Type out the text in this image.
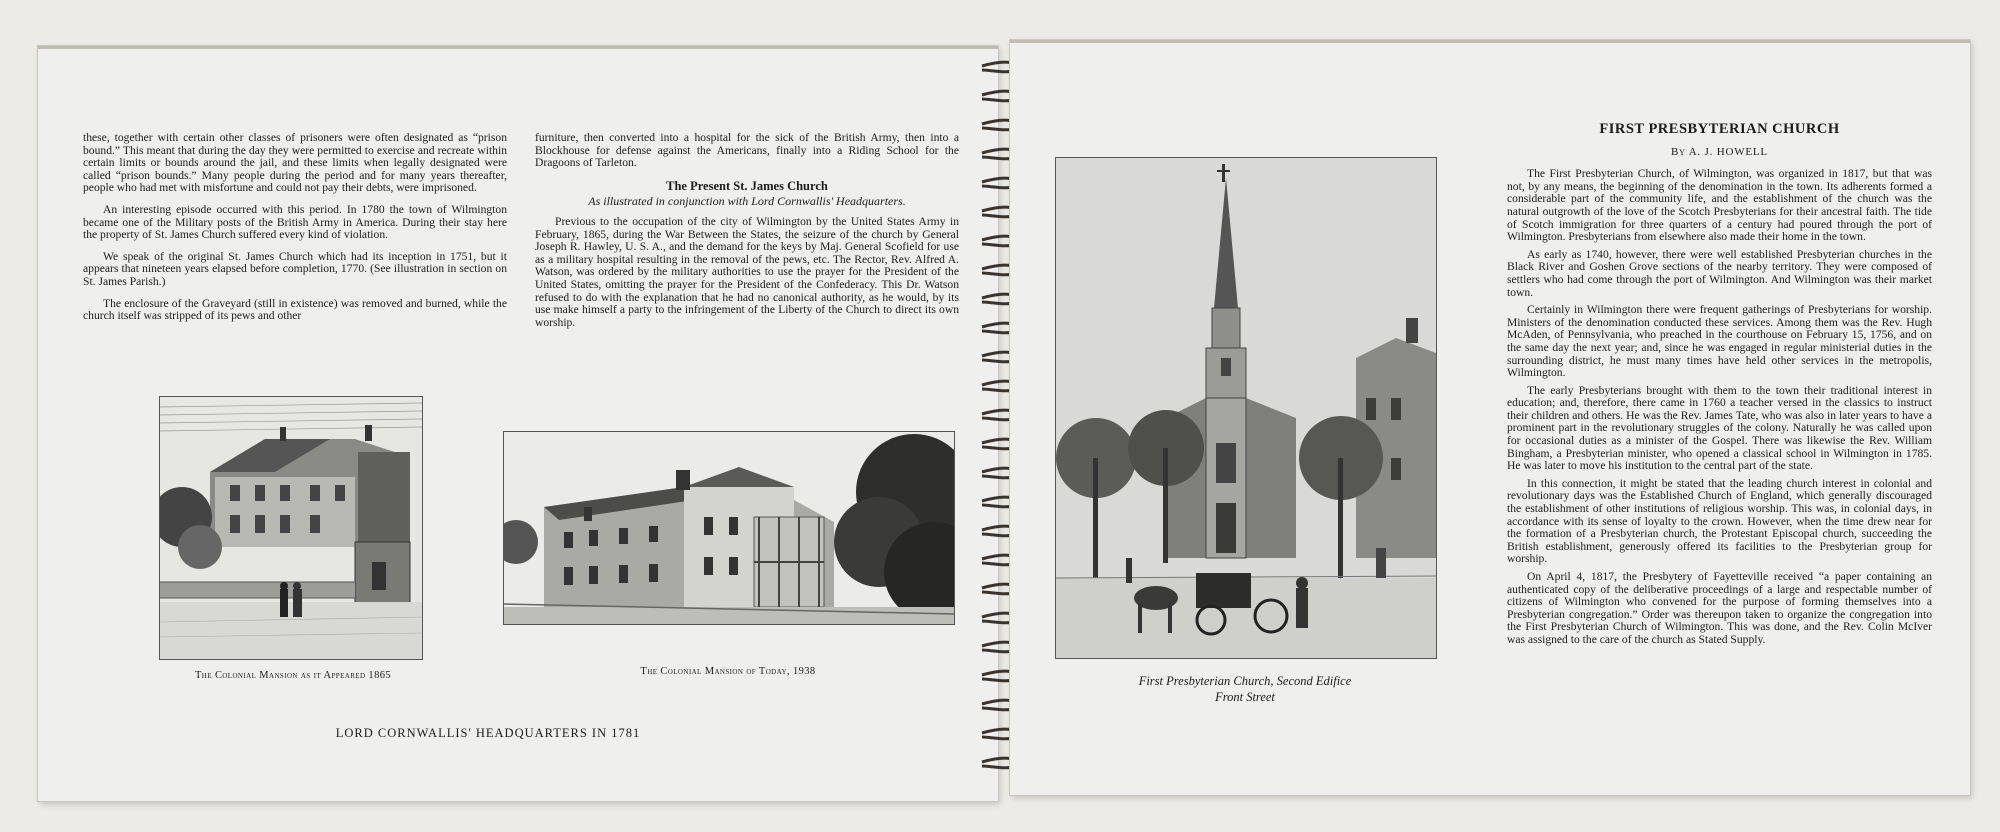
these, together with certain other classes of prisoners were often designated as “prison bound.” This meant that during the day they were permitted to exercise and recreate within certain limits or bounds around the jail, and these limits when legally designated were called “prison bounds.” Many people during the period and for many years thereafter, people who had met with misfortune and could not pay their debts, were imprisoned.

An interesting episode occurred with this period. In 1780 the town of Wilmington became one of the Military posts of the British Army in America. During their stay here the property of St. James Church suffered every kind of violation.

We speak of the original St. James Church which had its inception in 1751, but it appears that nineteen years elapsed before completion, 1770. (See illustration in section on St. James Parish.)

The enclosure of the Graveyard (still in existence) was removed and burned, while the church itself was stripped of its pews and other

furniture, then converted into a hospital for the sick of the British Army, then into a Blockhouse for defense against the Americans, finally into a Riding School for the Dragoons of Tarleton.

The Present St. James Church
As illustrated in conjunction with Lord Cornwallis' Headquarters.

Previous to the occupation of the city of Wilmington by the United States Army in February, 1865, during the War Between the States, the seizure of the church by General Joseph R. Hawley, U. S. A., and the demand for the keys by Maj. General Scofield for use as a military hospital resulting in the removal of the pews, etc. The Rector, Rev. Alfred A. Watson, was ordered by the military authorities to use the prayer for the President of the United States, omitting the prayer for the President of the Confederacy. This Dr. Watson refused to do with the explanation that he had no canonical authority, as he would, by its use make himself a party to the infringement of the Liberty of the Church to direct its own worship.

The Colonial Mansion as it Appeared 1865	The Colonial Mansion of Today, 1938
LORD CORNWALLIS' HEADQUARTERS IN 1781
First Presbyterian Church, Second Edifice
Front Street
FIRST PRESBYTERIAN CHURCH
By A. J. HOWELL

The First Presbyterian Church, of Wilmington, was organized in 1817, but that was not, by any means, the beginning of the denomination in the town. Its adherents formed a considerable part of the community life, and the establishment of the church was the natural outgrowth of the love of the Scotch Presbyterians for their ancestral faith. The tide of Scotch immigration for three quarters of a century had poured through the port of Wilmington. Presbyterians from elsewhere also made their home in the town.

As early as 1740, however, there were well established Presbyterian churches in the Black River and Goshen Grove sections of the nearby territory. They were composed of settlers who had come through the port of Wilmington. And Wilmington was their market town.

Certainly in Wilmington there were frequent gatherings of Presbyterians for worship. Ministers of the denomination conducted these services. Among them was the Rev. Hugh McAden, of Pennsylvania, who preached in the courthouse on February 15, 1756, and on the same day the next year; and, since he was engaged in regular ministerial duties in the surrounding district, he must many times have held other services in the metropolis, Wilmington.

The early Presbyterians brought with them to the town their traditional interest in education; and, therefore, there came in 1760 a teacher versed in the classics to instruct their children and others. He was the Rev. James Tate, who was also in later years to have a prominent part in the revolutionary struggles of the colony. Naturally he was called upon for occasional duties as a minister of the Gospel. There was likewise the Rev. William Bingham, a Presbyterian minister, who opened a classical school in Wilmington in 1785. He was later to move his institution to the central part of the state.

In this connection, it might be stated that the leading church interest in colonial and revolutionary days was the Established Church of England, which generally discouraged the establishment of other institutions of religious worship. This was, in colonial days, in accordance with its sense of loyalty to the crown. However, when the time drew near for the formation of a Presbyterian church, the Protestant Episcopal church, succeeding the British establishment, generously offered its facilities to the Presbyterian group for worship.

On April 4, 1817, the Presbytery of Fayetteville received “a paper containing an authenticated copy of the deliberative proceedings of a large and respectable number of citizens of Wilmington who convened for the purpose of forming themselves into a Presbyterian congregation.” Order was thereupon taken to organize the congregation into the First Presbyterian Church of Wilmington. This was done, and the Rev. Colin McIver was assigned to the care of the church as Stated Supply.
